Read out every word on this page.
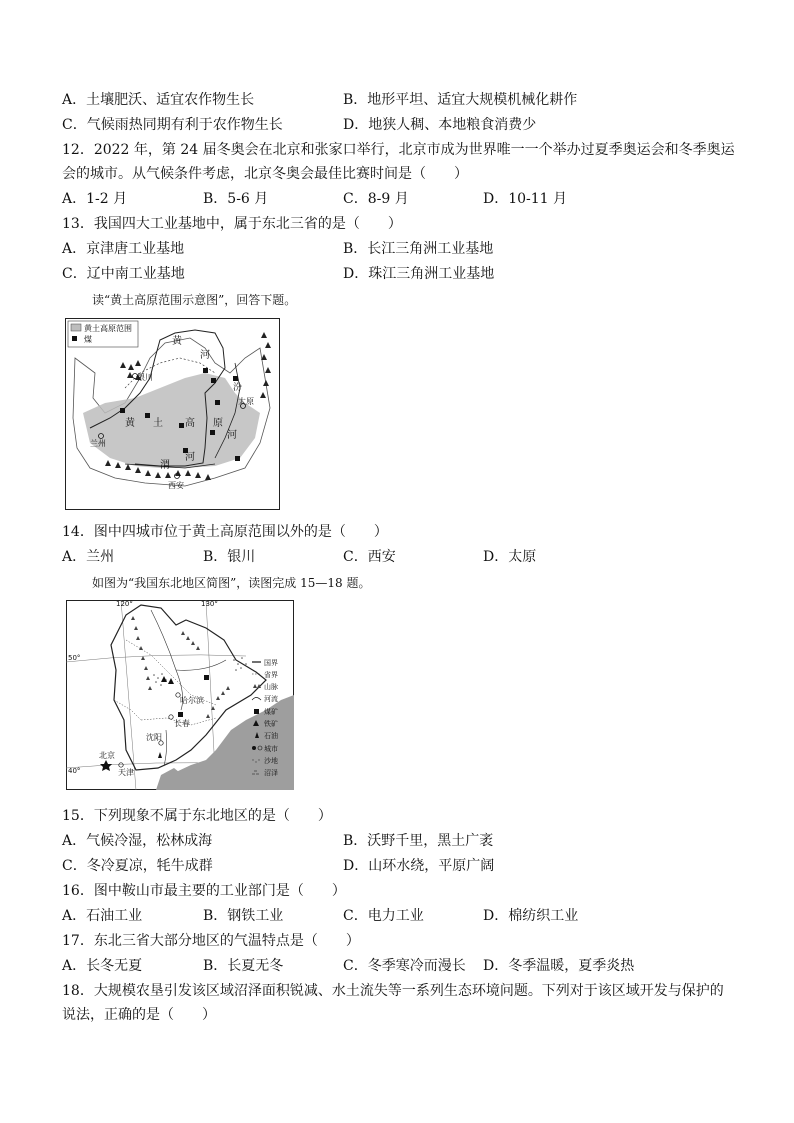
A．土壤肥沃、适宜农作物生长	B．地形平坦、适宜大规模机械化耕作
C．气候雨热同期有利于农作物生长	D．地狭人稠、本地粮食消费少
12．2022 年，第 24 届冬奥会在北京和张家口举行，北京市成为世界唯一一个举办过夏季奥运会和冬季奥运
会的城市。从气候条件考虑，北京冬奥会最佳比赛时间是（　　）
A．1-2 月	B．5-6 月	C．8-9 月	D．10-11 月
13．我国四大工业基地中，属于东北三省的是（　　）
A．京津唐工业基地	B．长江三角洲工业基地
C．辽中南工业基地	D．珠江三角洲工业基地
读“黄土高原范围示意图”，回答下题。
黄土高原范围
煤	黄
河
银川
汾
太原
黄 土 高 原
河
兰州
渭
河
西安
14．图中四城市位于黄土高原范围以外的是（　　）
A．兰州	B．银川	C．西安	D．太原
如图为“我国东北地区简图”，读图完成 15—18 题。
120°	130°
50°
40°
哈尔滨
长春
沈阳
北京
天津
国界
省界
山脉
河流
煤矿
铁矿
石油
城市
沙地
沼泽
15．下列现象不属于东北地区的是（　　）
A．气候冷湿，松林成海	B．沃野千里，黑土广袤
C．冬冷夏凉，牦牛成群	D．山环水绕，平原广阔
16．图中鞍山市最主要的工业部门是（　　）
A．石油工业	B．钢铁工业	C．电力工业	D．棉纺织工业
17．东北三省大部分地区的气温特点是（　　）
A．长冬无夏	B．长夏无冬	C．冬季寒冷而漫长 D．冬季温暖，夏季炎热
18．大规模农垦引发该区域沼泽面积锐减、水土流失等一系列生态环境问题。下列对于该区域开发与保护的
说法，正确的是（　　）
